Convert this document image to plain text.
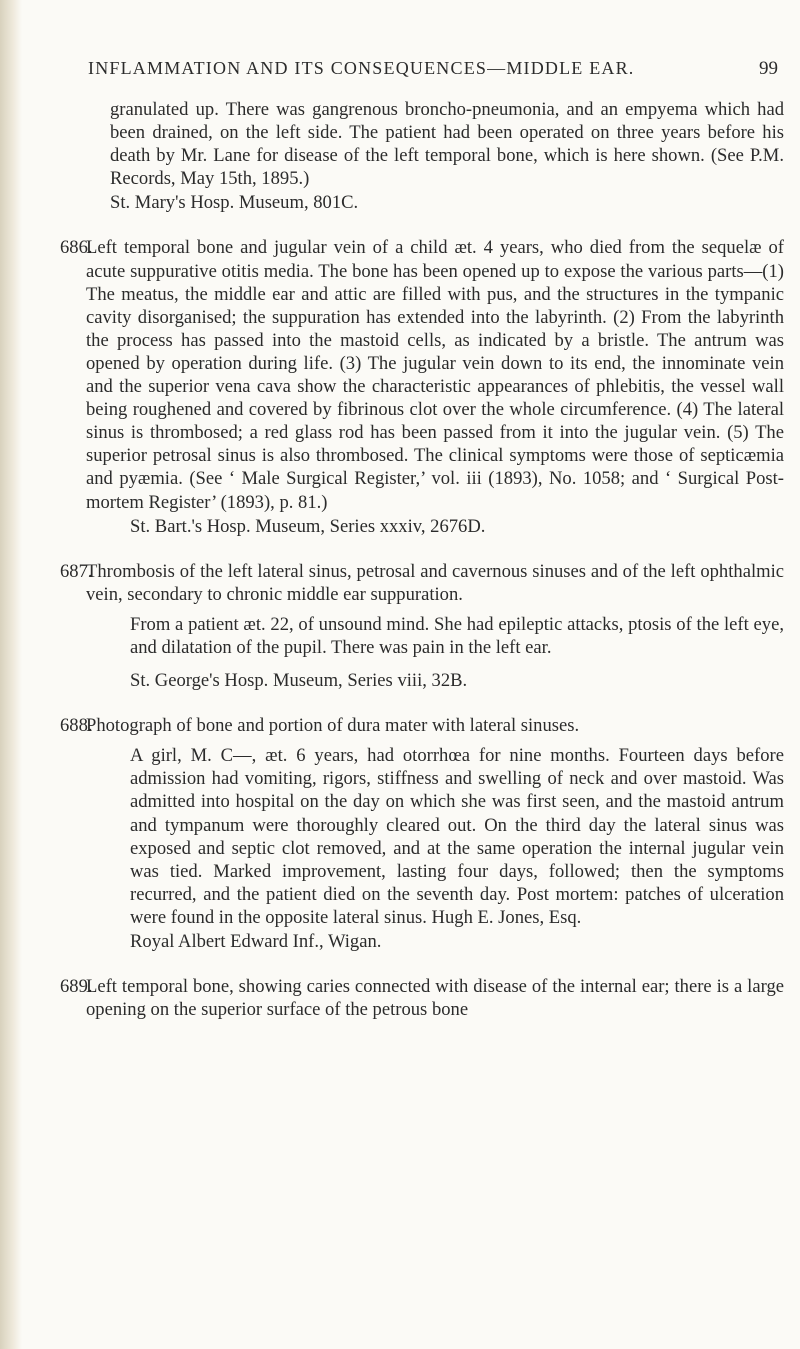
INFLAMMATION AND ITS CONSEQUENCES—MIDDLE EAR.	99

granulated up. There was gangrenous broncho-pneumonia, and an empyema which had been drained, on the left side. The patient had been operated on three years before his death by Mr. Lane for disease of the left temporal bone, which is here shown. (See P.M. Records, May 15th, 1895.)

St. Mary's Hosp. Museum, 801C.

686.

Left temporal bone and jugular vein of a child æt. 4 years, who died from the sequelæ of acute suppurative otitis media. The bone has been opened up to expose the various parts—(1) The meatus, the middle ear and attic are filled with pus, and the structures in the tympanic cavity disorganised; the suppuration has extended into the labyrinth. (2) From the labyrinth the process has passed into the mastoid cells, as indicated by a bristle. The antrum was opened by operation during life. (3) The jugular vein down to its end, the innominate vein and the superior vena cava show the characteristic appearances of phlebitis, the vessel wall being roughened and covered by fibrinous clot over the whole circumference. (4) The lateral sinus is thrombosed; a red glass rod has been passed from it into the jugular vein. (5) The superior petrosal sinus is also thrombosed. The clinical symptoms were those of septicæmia and pyæmia. (See ‘ Male Surgical Register,’ vol. iii (1893), No. 1058; and ‘ Surgical Post-mortem Register’ (1893), p. 81.)

St. Bart.'s Hosp. Museum, Series xxxiv, 2676D.

687.

Thrombosis of the left lateral sinus, petrosal and cavernous sinuses and of the left ophthalmic vein, secondary to chronic middle ear suppuration.

From a patient æt. 22, of unsound mind. She had epileptic attacks, ptosis of the left eye, and dilatation of the pupil. There was pain in the left ear.

St. George's Hosp. Museum, Series viii, 32B.

688.

Photograph of bone and portion of dura mater with lateral sinuses.

A girl, M. C—, æt. 6 years, had otorrhœa for nine months. Fourteen days before admission had vomiting, rigors, stiffness and swelling of neck and over mastoid. Was admitted into hospital on the day on which she was first seen, and the mastoid antrum and tympanum were thoroughly cleared out. On the third day the lateral sinus was exposed and septic clot removed, and at the same operation the internal jugular vein was tied. Marked improvement, lasting four days, followed; then the symptoms recurred, and the patient died on the seventh day. Post mortem: patches of ulceration were found in the opposite lateral sinus. Hugh E. Jones, Esq.

Royal Albert Edward Inf., Wigan.

689.

Left temporal bone, showing caries connected with disease of the internal ear; there is a large opening on the superior surface of the petrous bone
